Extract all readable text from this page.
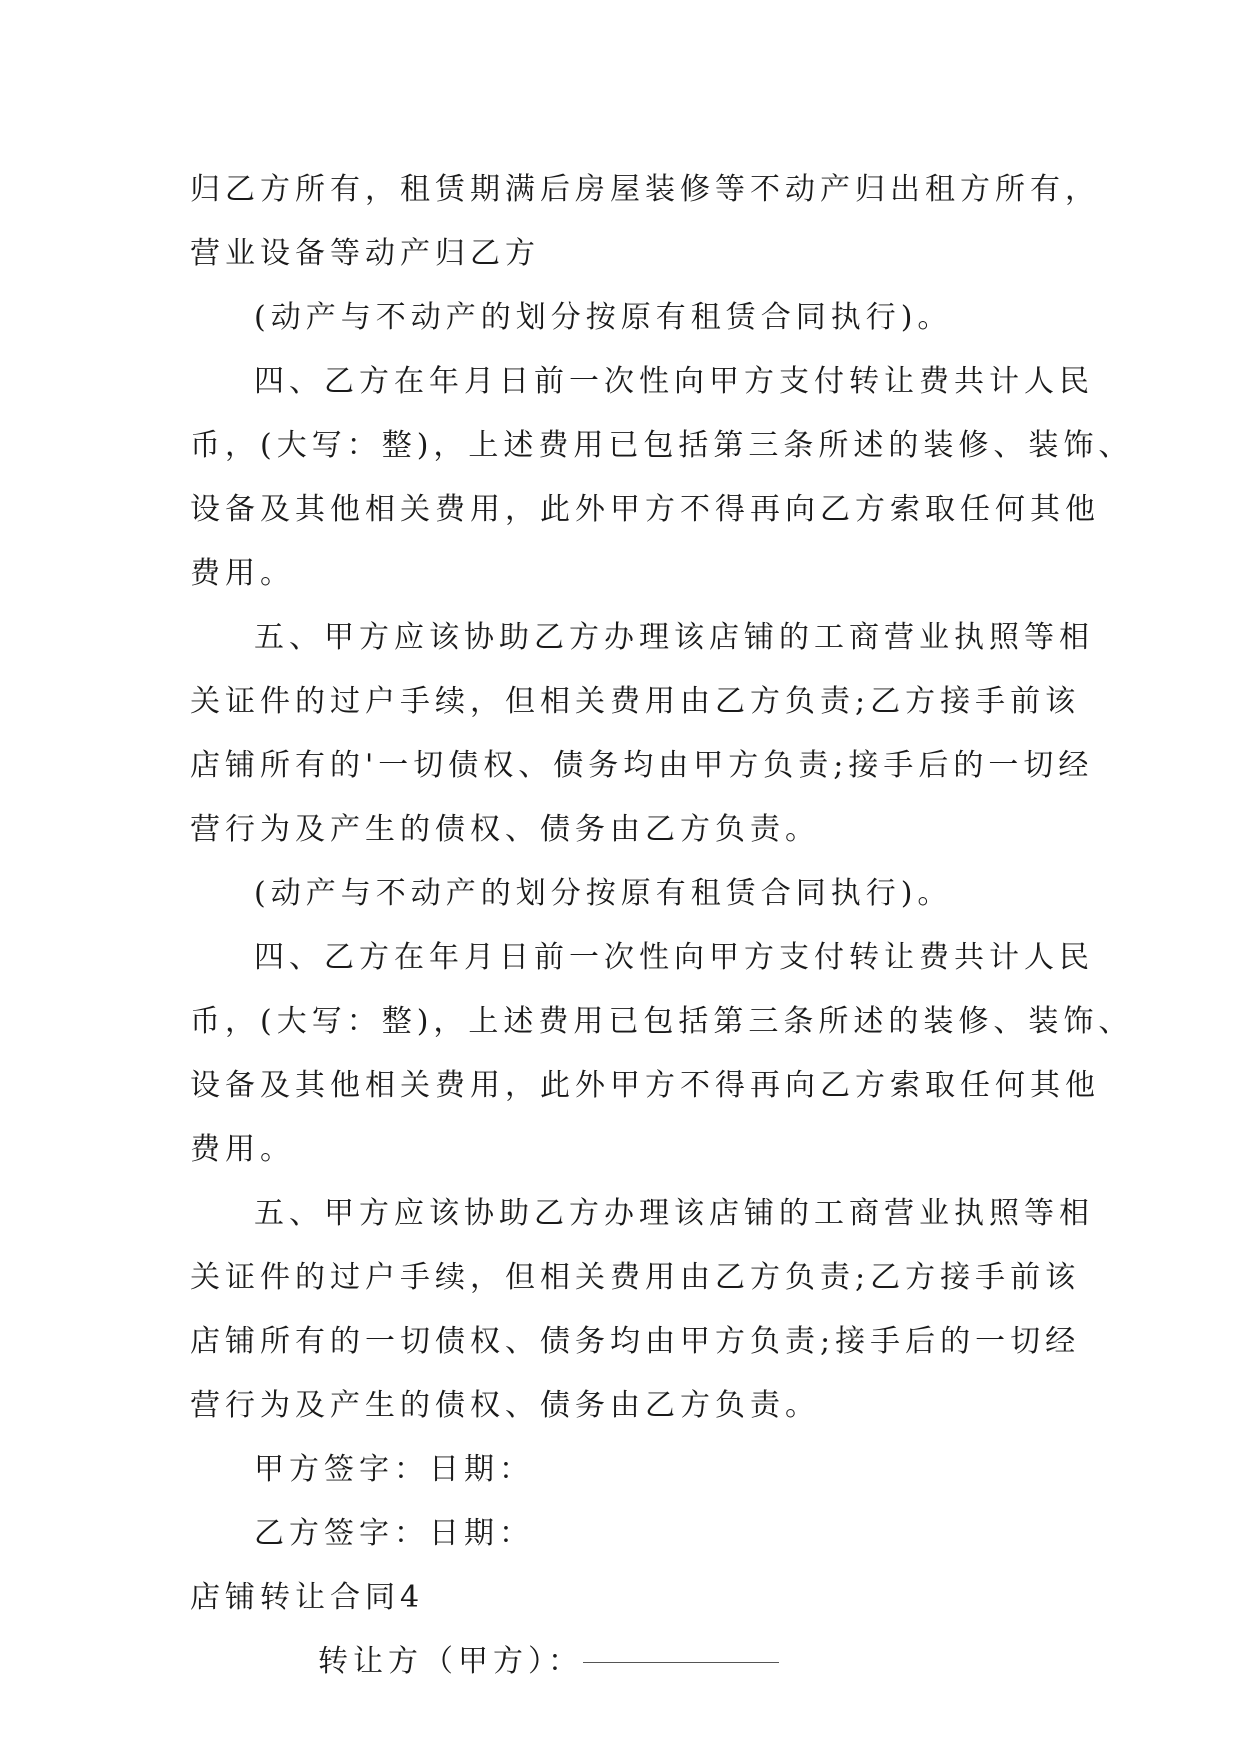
归乙方所有，租赁期满后房屋装修等不动产归出租方所有，
营业设备等动产归乙方

(动产与不动产的划分按原有租赁合同执行)。

四、乙方在年月日前一次性向甲方支付转让费共计人民
币，(大写：整)，上述费用已包括第三条所述的装修、装饰、
设备及其他相关费用，此外甲方不得再向乙方索取任何其他
费用。

五、甲方应该协助乙方办理该店铺的工商营业执照等相
关证件的过户手续，但相关费用由乙方负责;乙方接手前该
店铺所有的'一切债权、债务均由甲方负责;接手后的一切经
营行为及产生的债权、债务由乙方负责。

(动产与不动产的划分按原有租赁合同执行)。

四、乙方在年月日前一次性向甲方支付转让费共计人民
币，(大写：整)，上述费用已包括第三条所述的装修、装饰、
设备及其他相关费用，此外甲方不得再向乙方索取任何其他
费用。

五、甲方应该协助乙方办理该店铺的工商营业执照等相
关证件的过户手续，但相关费用由乙方负责;乙方接手前该
店铺所有的一切债权、债务均由甲方负责;接手后的一切经
营行为及产生的债权、债务由乙方负责。

甲方签字：日期：

乙方签字：日期：

店铺转让合同4

转让方（甲方）：
